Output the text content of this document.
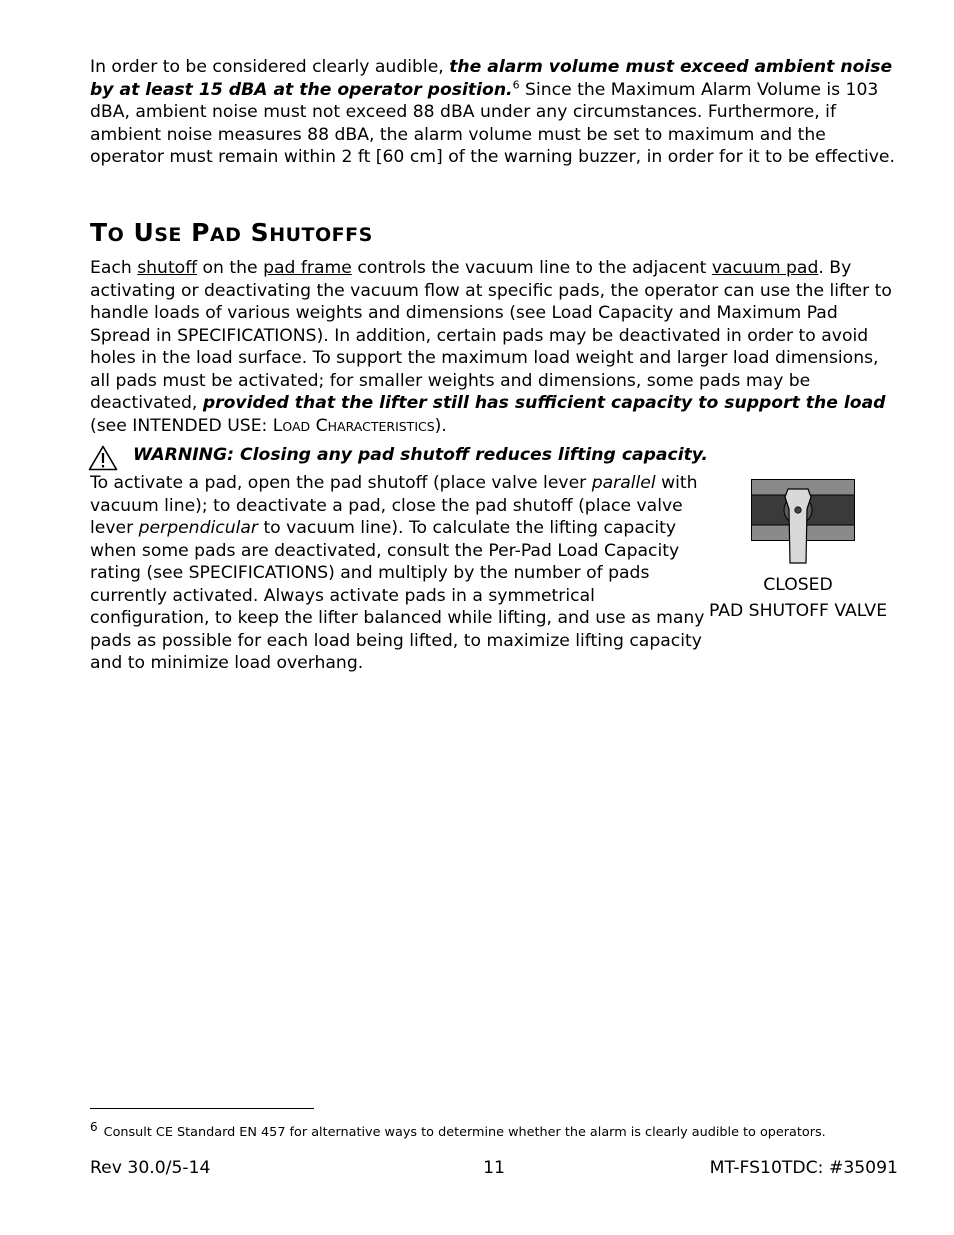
In order to be considered clearly audible, the alarm volume must exceed ambient noise by at least 15 dBA at the operator position.$^6$ Since the Maximum Alarm Volume is 103 dBA, ambient noise must not exceed 88 dBA under any circumstances. Furthermore, if ambient noise measures 88 dBA, the alarm volume must be set to maximum and the operator must remain within 2 ft [60 cm] of the warning buzzer, in order for it to be effective.

TO USE PAD SHUTOFFS

Each shutoff on the pad frame controls the vacuum line to the adjacent vacuum pad. By activating or deactivating the vacuum flow at specific pads, the operator can use the lifter to handle loads of various weights and dimensions (see Load Capacity and Maximum Pad Spread in SPECIFICATIONS). In addition, certain pads may be deactivated in order to avoid holes in the load surface. To support the maximum load weight and larger load dimensions, all pads must be activated; for smaller weights and dimensions, some pads may be deactivated, provided that the lifter still has sufficient capacity to support the load (see INTENDED USE: LOAD CHARACTERISTICS).

WARNING: Closing any pad shutoff reduces lifting capacity.

To activate a pad, open the pad shutoff (place valve lever parallel with vacuum line); to deactivate a pad, close the pad shutoff (place valve lever perpendicular to vacuum line). To calculate the lifting capacity when some pads are deactivated, consult the Per-Pad Load Capacity rating (see SPECIFICATIONS) and multiply by the number of pads currently activated. Always activate pads in a symmetrical configuration, to keep the lifter balanced while lifting, and use as many pads as possible for each load being lifted, to maximize lifting capacity and to minimize load overhang.

CLOSED
PAD SHUTOFF VALVE
6 Consult CE Standard EN 457 for alternative ways to determine whether the alarm is clearly audible to operators.
Rev 30.0/5-14	11	MT-FS10TDC: #35091
